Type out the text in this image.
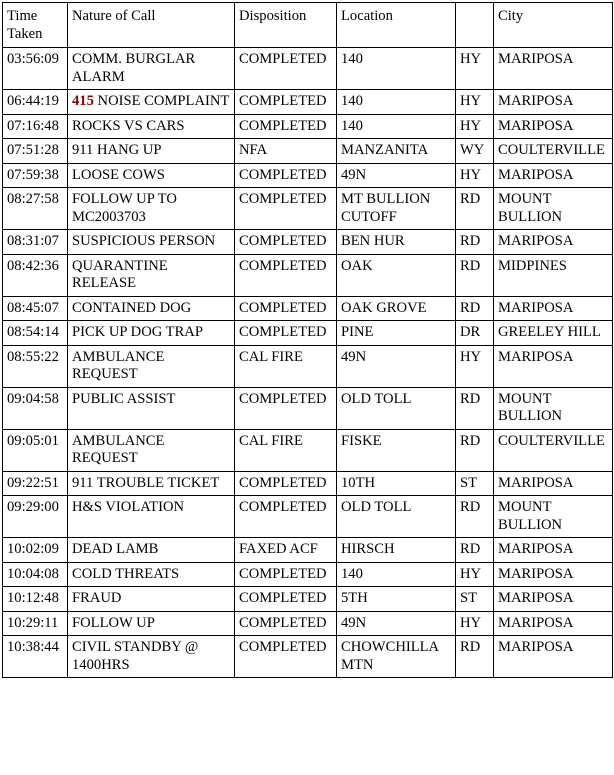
Time Taken	Nature of Call	Disposition	Location		City
03:56:09	COMM. BURGLAR ALARM	COMPLETED	140	HY	MARIPOSA
06:44:19	415 NOISE COMPLAINT	COMPLETED	140	HY	MARIPOSA
07:16:48	ROCKS VS CARS	COMPLETED	140	HY	MARIPOSA
07:51:28	911 HANG UP	NFA	MANZANITA	WY	COULTERVILLE
07:59:38	LOOSE COWS	COMPLETED	49N	HY	MARIPOSA
08:27:58	FOLLOW UP TO MC2003703	COMPLETED	MT BULLION CUTOFF	RD	MOUNT BULLION
08:31:07	SUSPICIOUS PERSON	COMPLETED	BEN HUR	RD	MARIPOSA
08:42:36	QUARANTINE RELEASE	COMPLETED	OAK	RD	MIDPINES
08:45:07	CONTAINED DOG	COMPLETED	OAK GROVE	RD	MARIPOSA
08:54:14	PICK UP DOG TRAP	COMPLETED	PINE	DR	GREELEY HILL
08:55:22	AMBULANCE REQUEST	CAL FIRE	49N	HY	MARIPOSA
09:04:58	PUBLIC ASSIST	COMPLETED	OLD TOLL	RD	MOUNT BULLION
09:05:01	AMBULANCE REQUEST	CAL FIRE	FISKE	RD	COULTERVILLE
09:22:51	911 TROUBLE TICKET	COMPLETED	10TH	ST	MARIPOSA
09:29:00	H&S VIOLATION	COMPLETED	OLD TOLL	RD	MOUNT BULLION
10:02:09	DEAD LAMB	FAXED ACF	HIRSCH	RD	MARIPOSA
10:04:08	COLD THREATS	COMPLETED	140	HY	MARIPOSA
10:12:48	FRAUD	COMPLETED	5TH	ST	MARIPOSA
10:29:11	FOLLOW UP	COMPLETED	49N	HY	MARIPOSA
10:38:44	CIVIL STANDBY @ 1400HRS	COMPLETED	CHOWCHILLA MTN	RD	MARIPOSA
